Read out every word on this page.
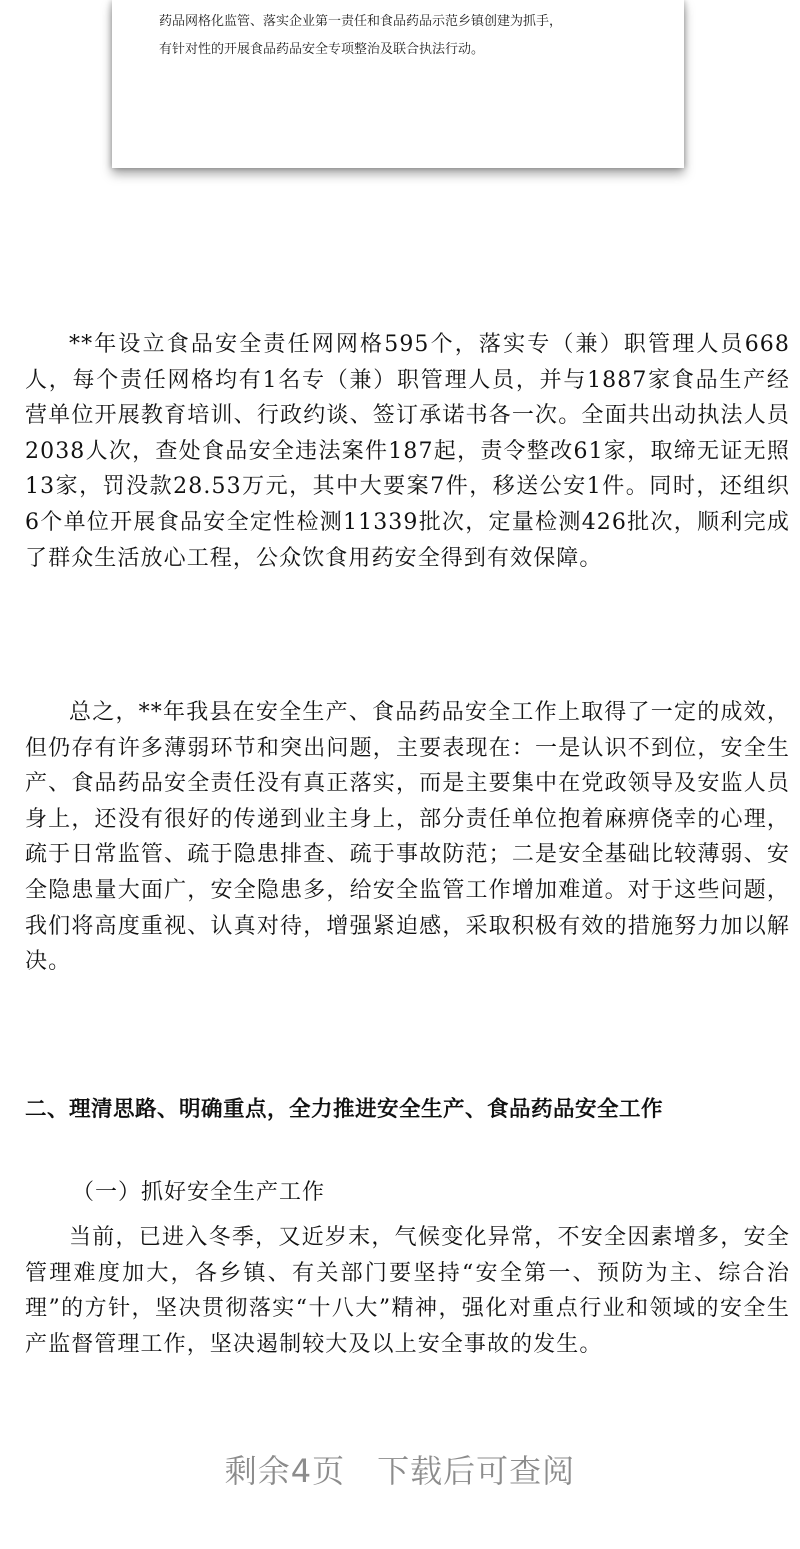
药品网格化监管、落实企业第一责任和食品药品示范乡镇创建为抓手，
有针对性的开展食品药品安全专项整治及联合执法行动。

**年设立食品安全责任网网格595个，落实专（兼）职管理人员668人，每个责任网格均有1名专（兼）职管理人员，并与1887家食品生产经营单位开展教育培训、行政约谈、签订承诺书各一次。全面共出动执法人员2038人次，查处食品安全违法案件187起，责令整改61家，取缔无证无照13家，罚没款28.53万元，其中大要案7件，移送公安1件。同时，还组织6个单位开展食品安全定性检测11339批次，定量检测426批次，顺利完成了群众生活放心工程，公众饮食用药安全得到有效保障。

总之，**年我县在安全生产、食品药品安全工作上取得了一定的成效，但仍存有许多薄弱环节和突出问题，主要表现在：一是认识不到位，安全生产、食品药品安全责任没有真正落实，而是主要集中在党政领导及安监人员身上，还没有很好的传递到业主身上，部分责任单位抱着麻痹侥幸的心理，疏于日常监管、疏于隐患排查、疏于事故防范；二是安全基础比较薄弱、安全隐患量大面广，安全隐患多，给安全监管工作增加难道。对于这些问题，我们将高度重视、认真对待，增强紧迫感，采取积极有效的措施努力加以解决。

二、理清思路、明确重点，全力推进安全生产、食品药品安全工作

（一）抓好安全生产工作

当前，已进入冬季，又近岁末，气候变化异常，不安全因素增多，安全管理难度加大，各乡镇、有关部门要坚持“安全第一、预防为主、综合治理”的方针，坚决贯彻落实“十八大”精神，强化对重点行业和领域的安全生产监督管理工作，坚决遏制较大及以上安全事故的发生。

剩余4页 下载后可查阅
